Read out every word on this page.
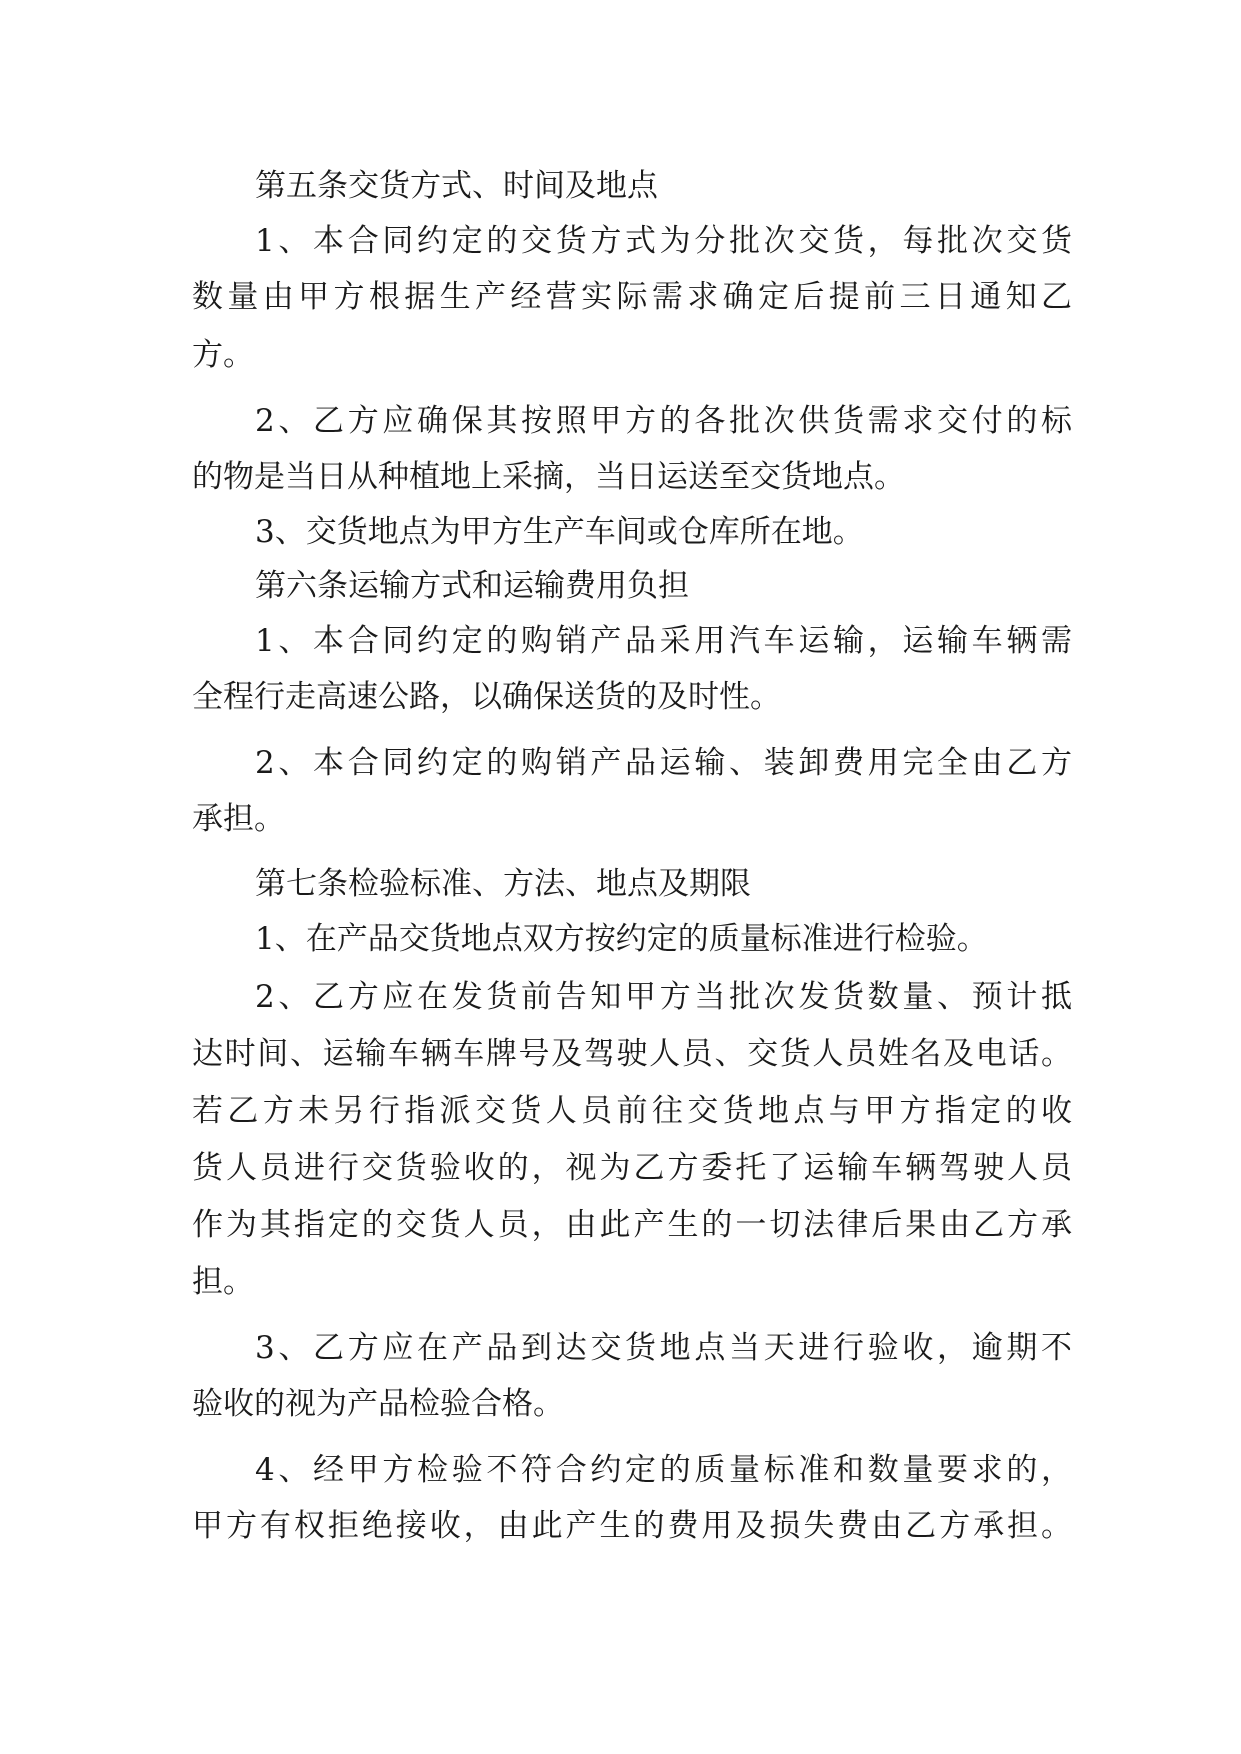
第五条交货方式、时间及地点
1、本合同约定的交货方式为分批次交货，每批次交货
数量由甲方根据生产经营实际需求确定后提前三日通知乙
方。
2、乙方应确保其按照甲方的各批次供货需求交付的标
的物是当日从种植地上采摘，当日运送至交货地点。
3、交货地点为甲方生产车间或仓库所在地。
第六条运输方式和运输费用负担
1、本合同约定的购销产品采用汽车运输，运输车辆需
全程行走高速公路，以确保送货的及时性。
2、本合同约定的购销产品运输、装卸费用完全由乙方
承担。
第七条检验标准、方法、地点及期限
1、在产品交货地点双方按约定的质量标准进行检验。
2、乙方应在发货前告知甲方当批次发货数量、预计抵
达时间、运输车辆车牌号及驾驶人员、交货人员姓名及电话。
若乙方未另行指派交货人员前往交货地点与甲方指定的收
货人员进行交货验收的，视为乙方委托了运输车辆驾驶人员
作为其指定的交货人员，由此产生的一切法律后果由乙方承
担。
3、乙方应在产品到达交货地点当天进行验收，逾期不
验收的视为产品检验合格。
4、经甲方检验不符合约定的质量标准和数量要求的，
甲方有权拒绝接收，由此产生的费用及损失费由乙方承担。
